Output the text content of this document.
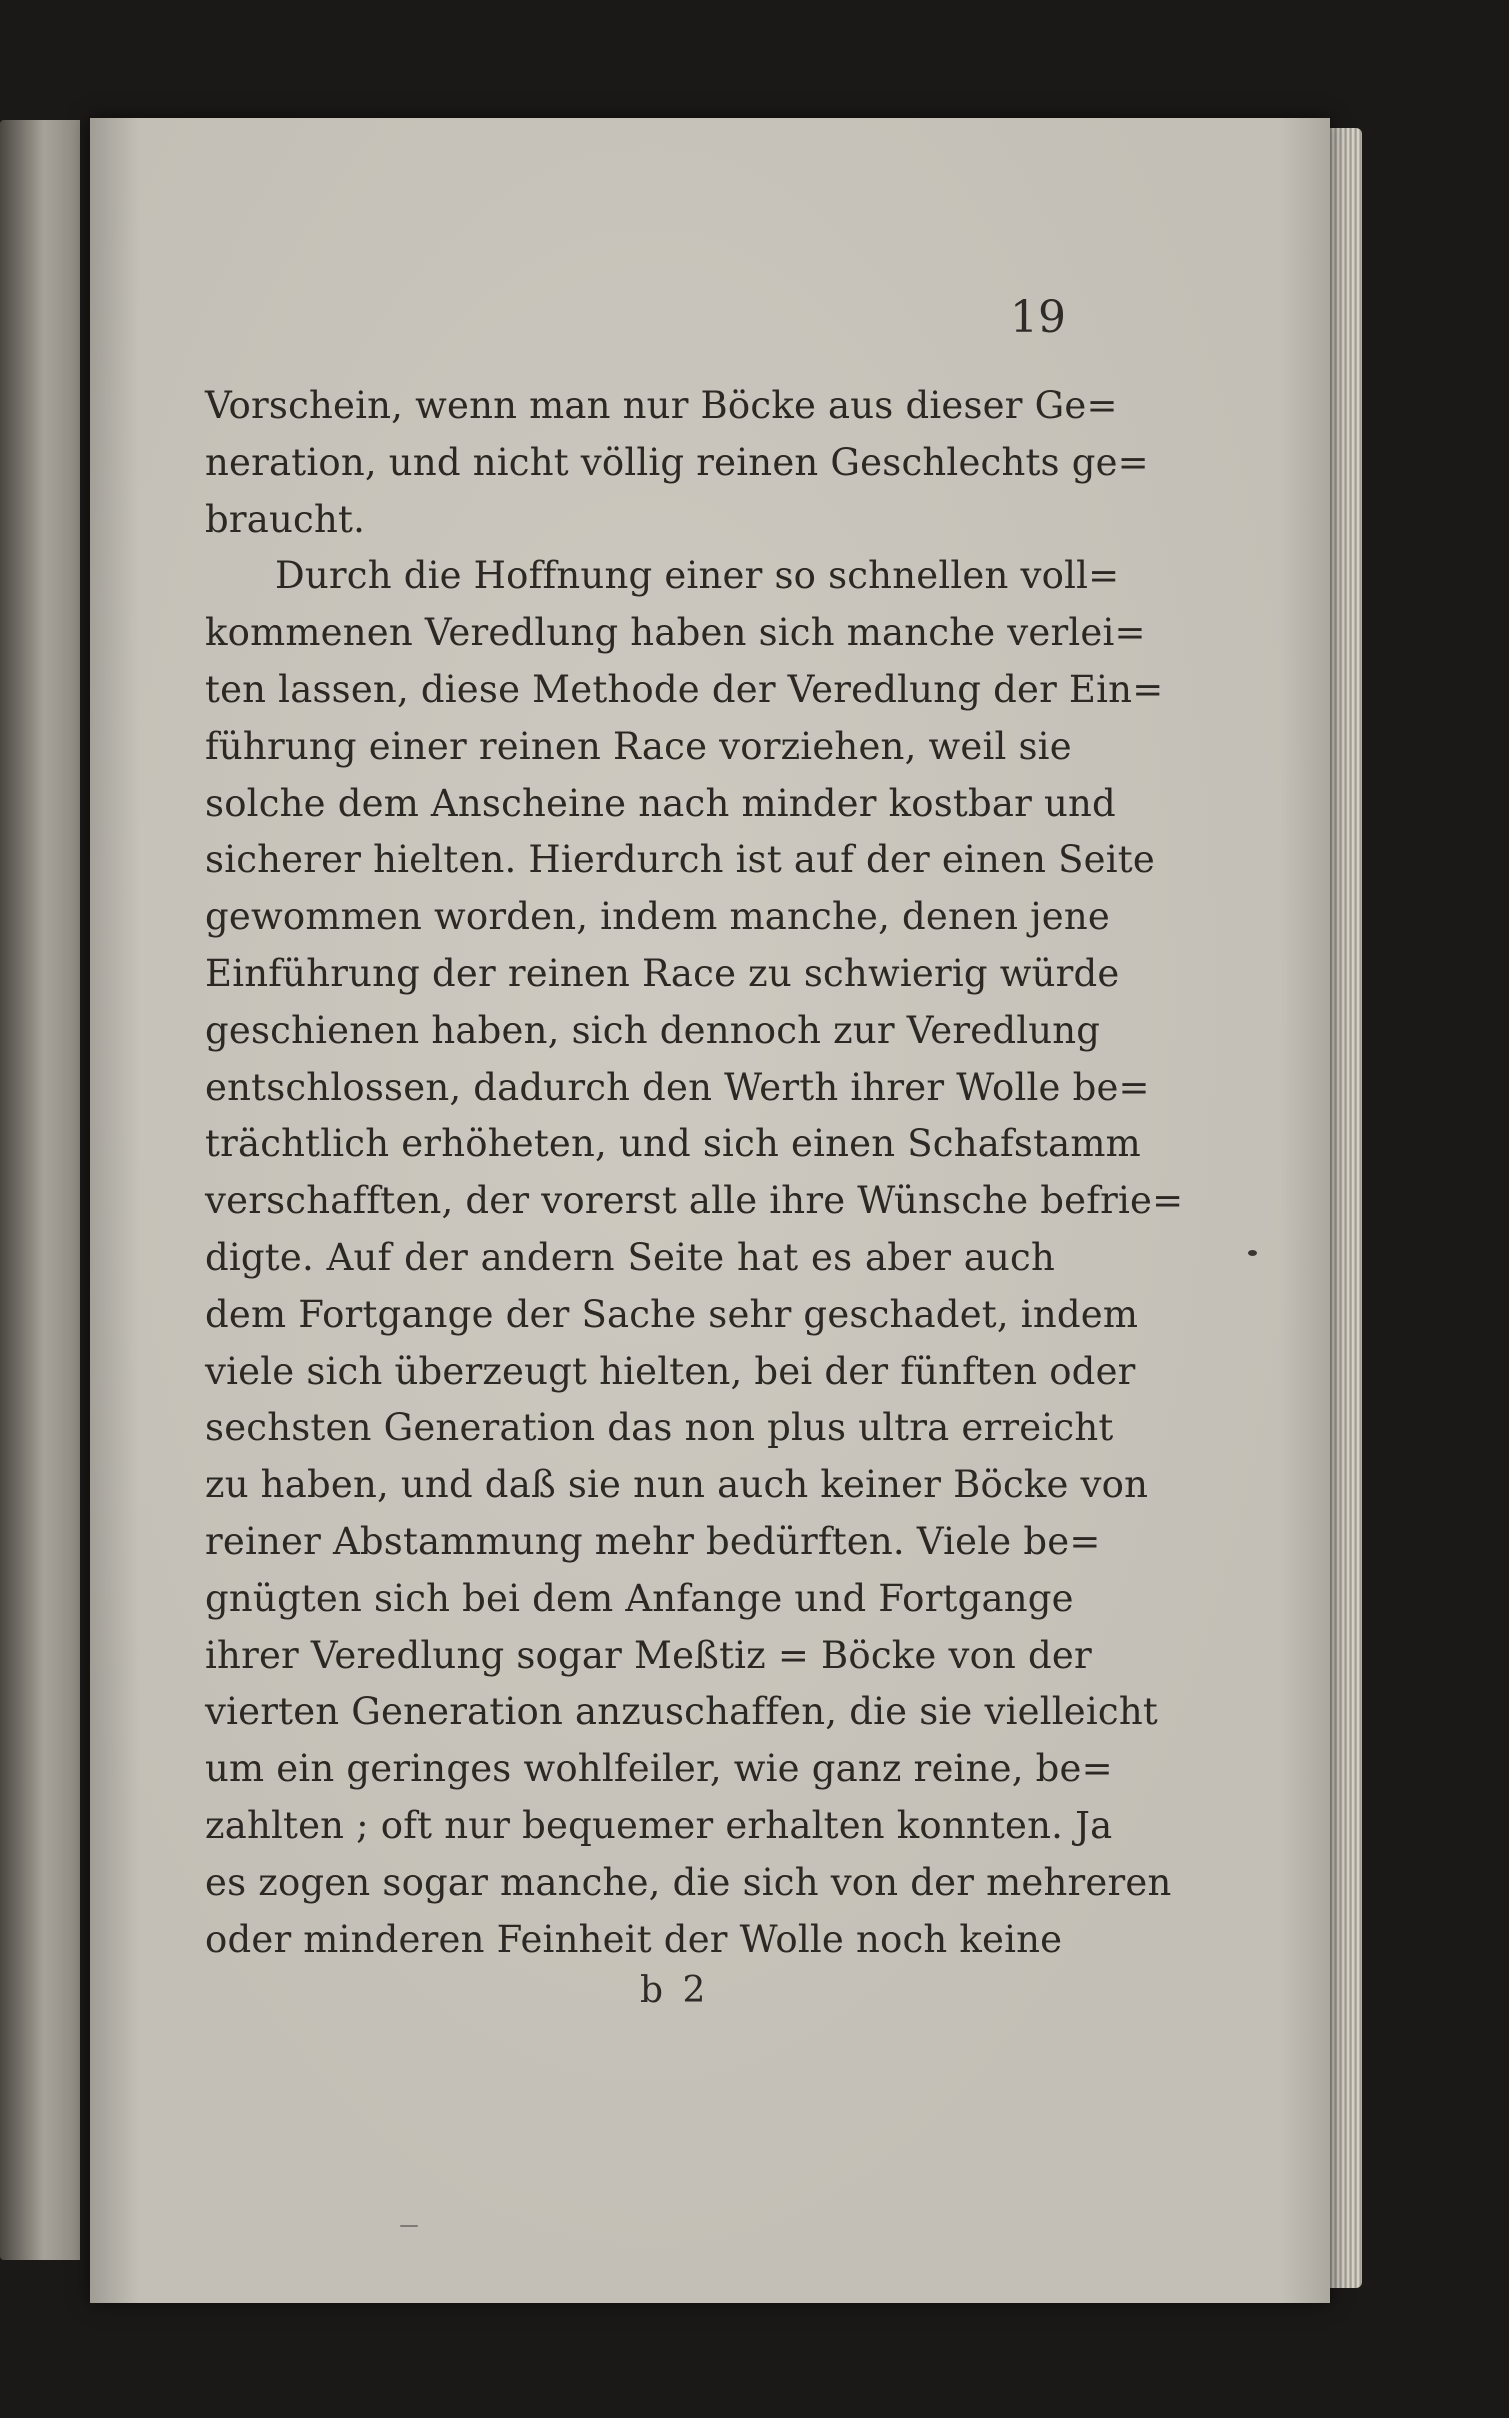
19
Vorschein, wenn man nur Böcke aus dieser Ge=
neration, und nicht völlig reinen Geschlechts ge=
braucht.
Durch die Hoffnung einer so schnellen voll=
kommenen Veredlung haben sich manche verlei=
ten lassen, diese Methode der Veredlung der Ein=
führung einer reinen Race vorziehen, weil sie
solche dem Anscheine nach minder kostbar und
sicherer hielten. Hierdurch ist auf der einen Seite
gewommen worden, indem manche, denen jene
Einführung der reinen Race zu schwierig würde
geschienen haben, sich dennoch zur Veredlung
entschlossen, dadurch den Werth ihrer Wolle be=
trächtlich erhöheten, und sich einen Schafstamm
verschafften, der vorerst alle ihre Wünsche befrie=
digte. Auf der andern Seite hat es aber auch
dem Fortgange der Sache sehr geschadet, indem
viele sich überzeugt hielten, bei der fünften oder
sechsten Generation das non plus ultra erreicht
zu haben, und daß sie nun auch keiner Böcke von
reiner Abstammung mehr bedürften. Viele be=
gnügten sich bei dem Anfange und Fortgange
ihrer Veredlung sogar Meßtiz = Böcke von der
vierten Generation anzuschaffen, die sie vielleicht
um ein geringes wohlfeiler, wie ganz reine, be=
zahlten ; oft nur bequemer erhalten konnten. Ja
es zogen sogar manche, die sich von der mehreren
oder minderen Feinheit der Wolle noch keine
b 2
